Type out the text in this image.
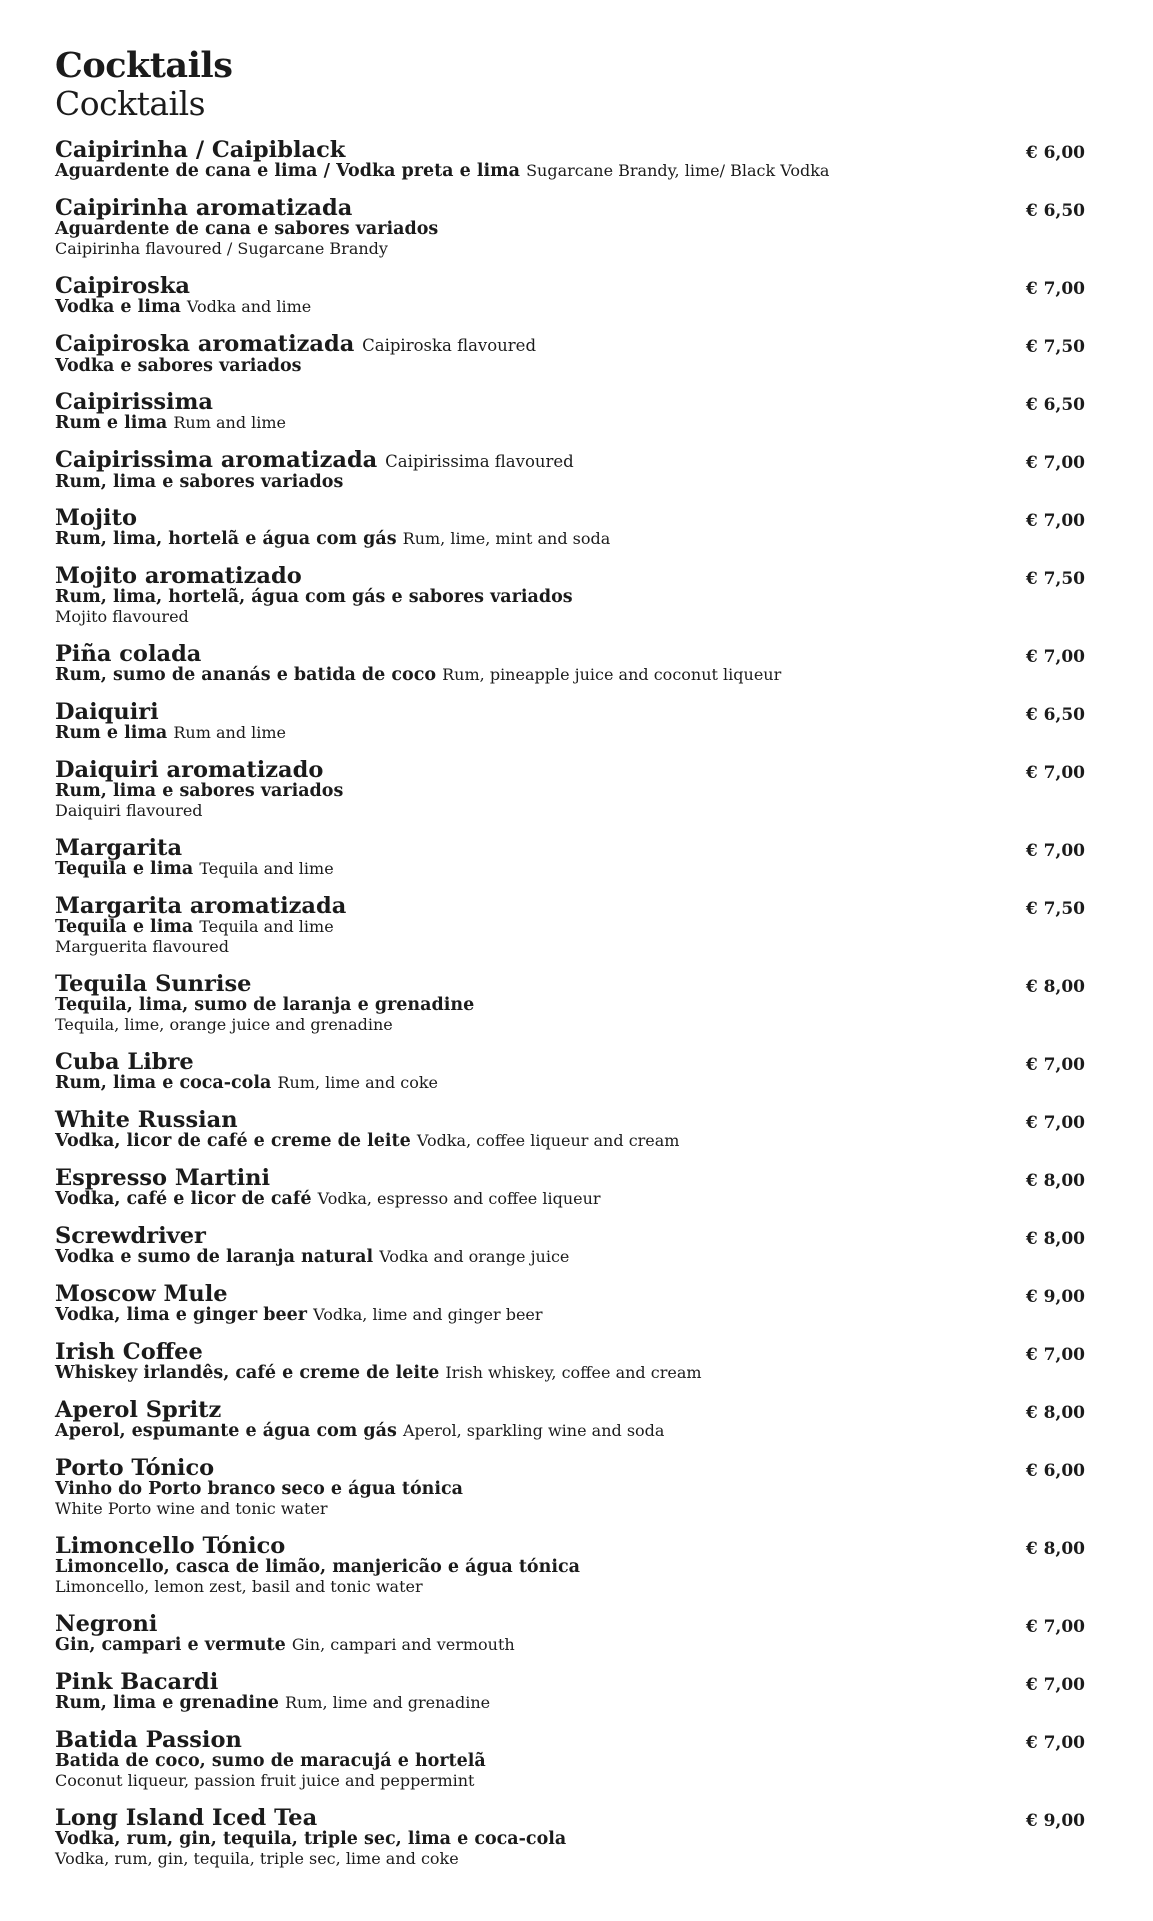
Cocktails
Cocktails
Caipirinha / Caipiblack
Aguardente de cana e lima / Vodka preta e lima Sugarcane Brandy, lime/ Black Vodka
€ 6,00
Caipirinha aromatizada
Aguardente de cana e sabores variados
Caipirinha flavoured / Sugarcane Brandy
€ 6,50
Caipiroska
Vodka e lima Vodka and lime
€ 7,00
Caipiroska aromatizada Caipiroska flavoured
Vodka e sabores variados
€ 7,50
Caipirissima
Rum e lima Rum and lime
€ 6,50
Caipirissima aromatizada Caipirissima flavoured
Rum, lima e sabores variados
€ 7,00
Mojito
Rum, lima, hortelã e água com gás Rum, lime, mint and soda
€ 7,00
Mojito aromatizado
Rum, lima, hortelã, água com gás e sabores variados
Mojito flavoured
€ 7,50
Piña colada
Rum, sumo de ananás e batida de coco Rum, pineapple juice and coconut liqueur
€ 7,00
Daiquiri
Rum e lima Rum and lime
€ 6,50
Daiquiri aromatizado
Rum, lima e sabores variados
Daiquiri flavoured
€ 7,00
Margarita
Tequila e lima Tequila and lime
€ 7,00
Margarita aromatizada
Tequila e lima Tequila and lime
Marguerita flavoured
€ 7,50
Tequila Sunrise
Tequila, lima, sumo de laranja e grenadine
Tequila, lime, orange juice and grenadine
€ 8,00
Cuba Libre
Rum, lima e coca-cola Rum, lime and coke
€ 7,00
White Russian
Vodka, licor de café e creme de leite Vodka, coffee liqueur and cream
€ 7,00
Espresso Martini
Vodka, café e licor de café Vodka, espresso and coffee liqueur
€ 8,00
Screwdriver
Vodka e sumo de laranja natural Vodka and orange juice
€ 8,00
Moscow Mule
Vodka, lima e ginger beer Vodka, lime and ginger beer
€ 9,00
Irish Coffee
Whiskey irlandês, café e creme de leite Irish whiskey, coffee and cream
€ 7,00
Aperol Spritz
Aperol, espumante e água com gás Aperol, sparkling wine and soda
€ 8,00
Porto Tónico
Vinho do Porto branco seco e água tónica
White Porto wine and tonic water
€ 6,00
Limoncello Tónico
Limoncello, casca de limão, manjericão e água tónica
Limoncello, lemon zest, basil and tonic water
€ 8,00
Negroni
Gin, campari e vermute Gin, campari and vermouth
€ 7,00
Pink Bacardi
Rum, lima e grenadine Rum, lime and grenadine
€ 7,00
Batida Passion
Batida de coco, sumo de maracujá e hortelã
Coconut liqueur, passion fruit juice and peppermint
€ 7,00
Long Island Iced Tea
Vodka, rum, gin, tequila, triple sec, lima e coca-cola
Vodka, rum, gin, tequila, triple sec, lime and coke
€ 9,00
